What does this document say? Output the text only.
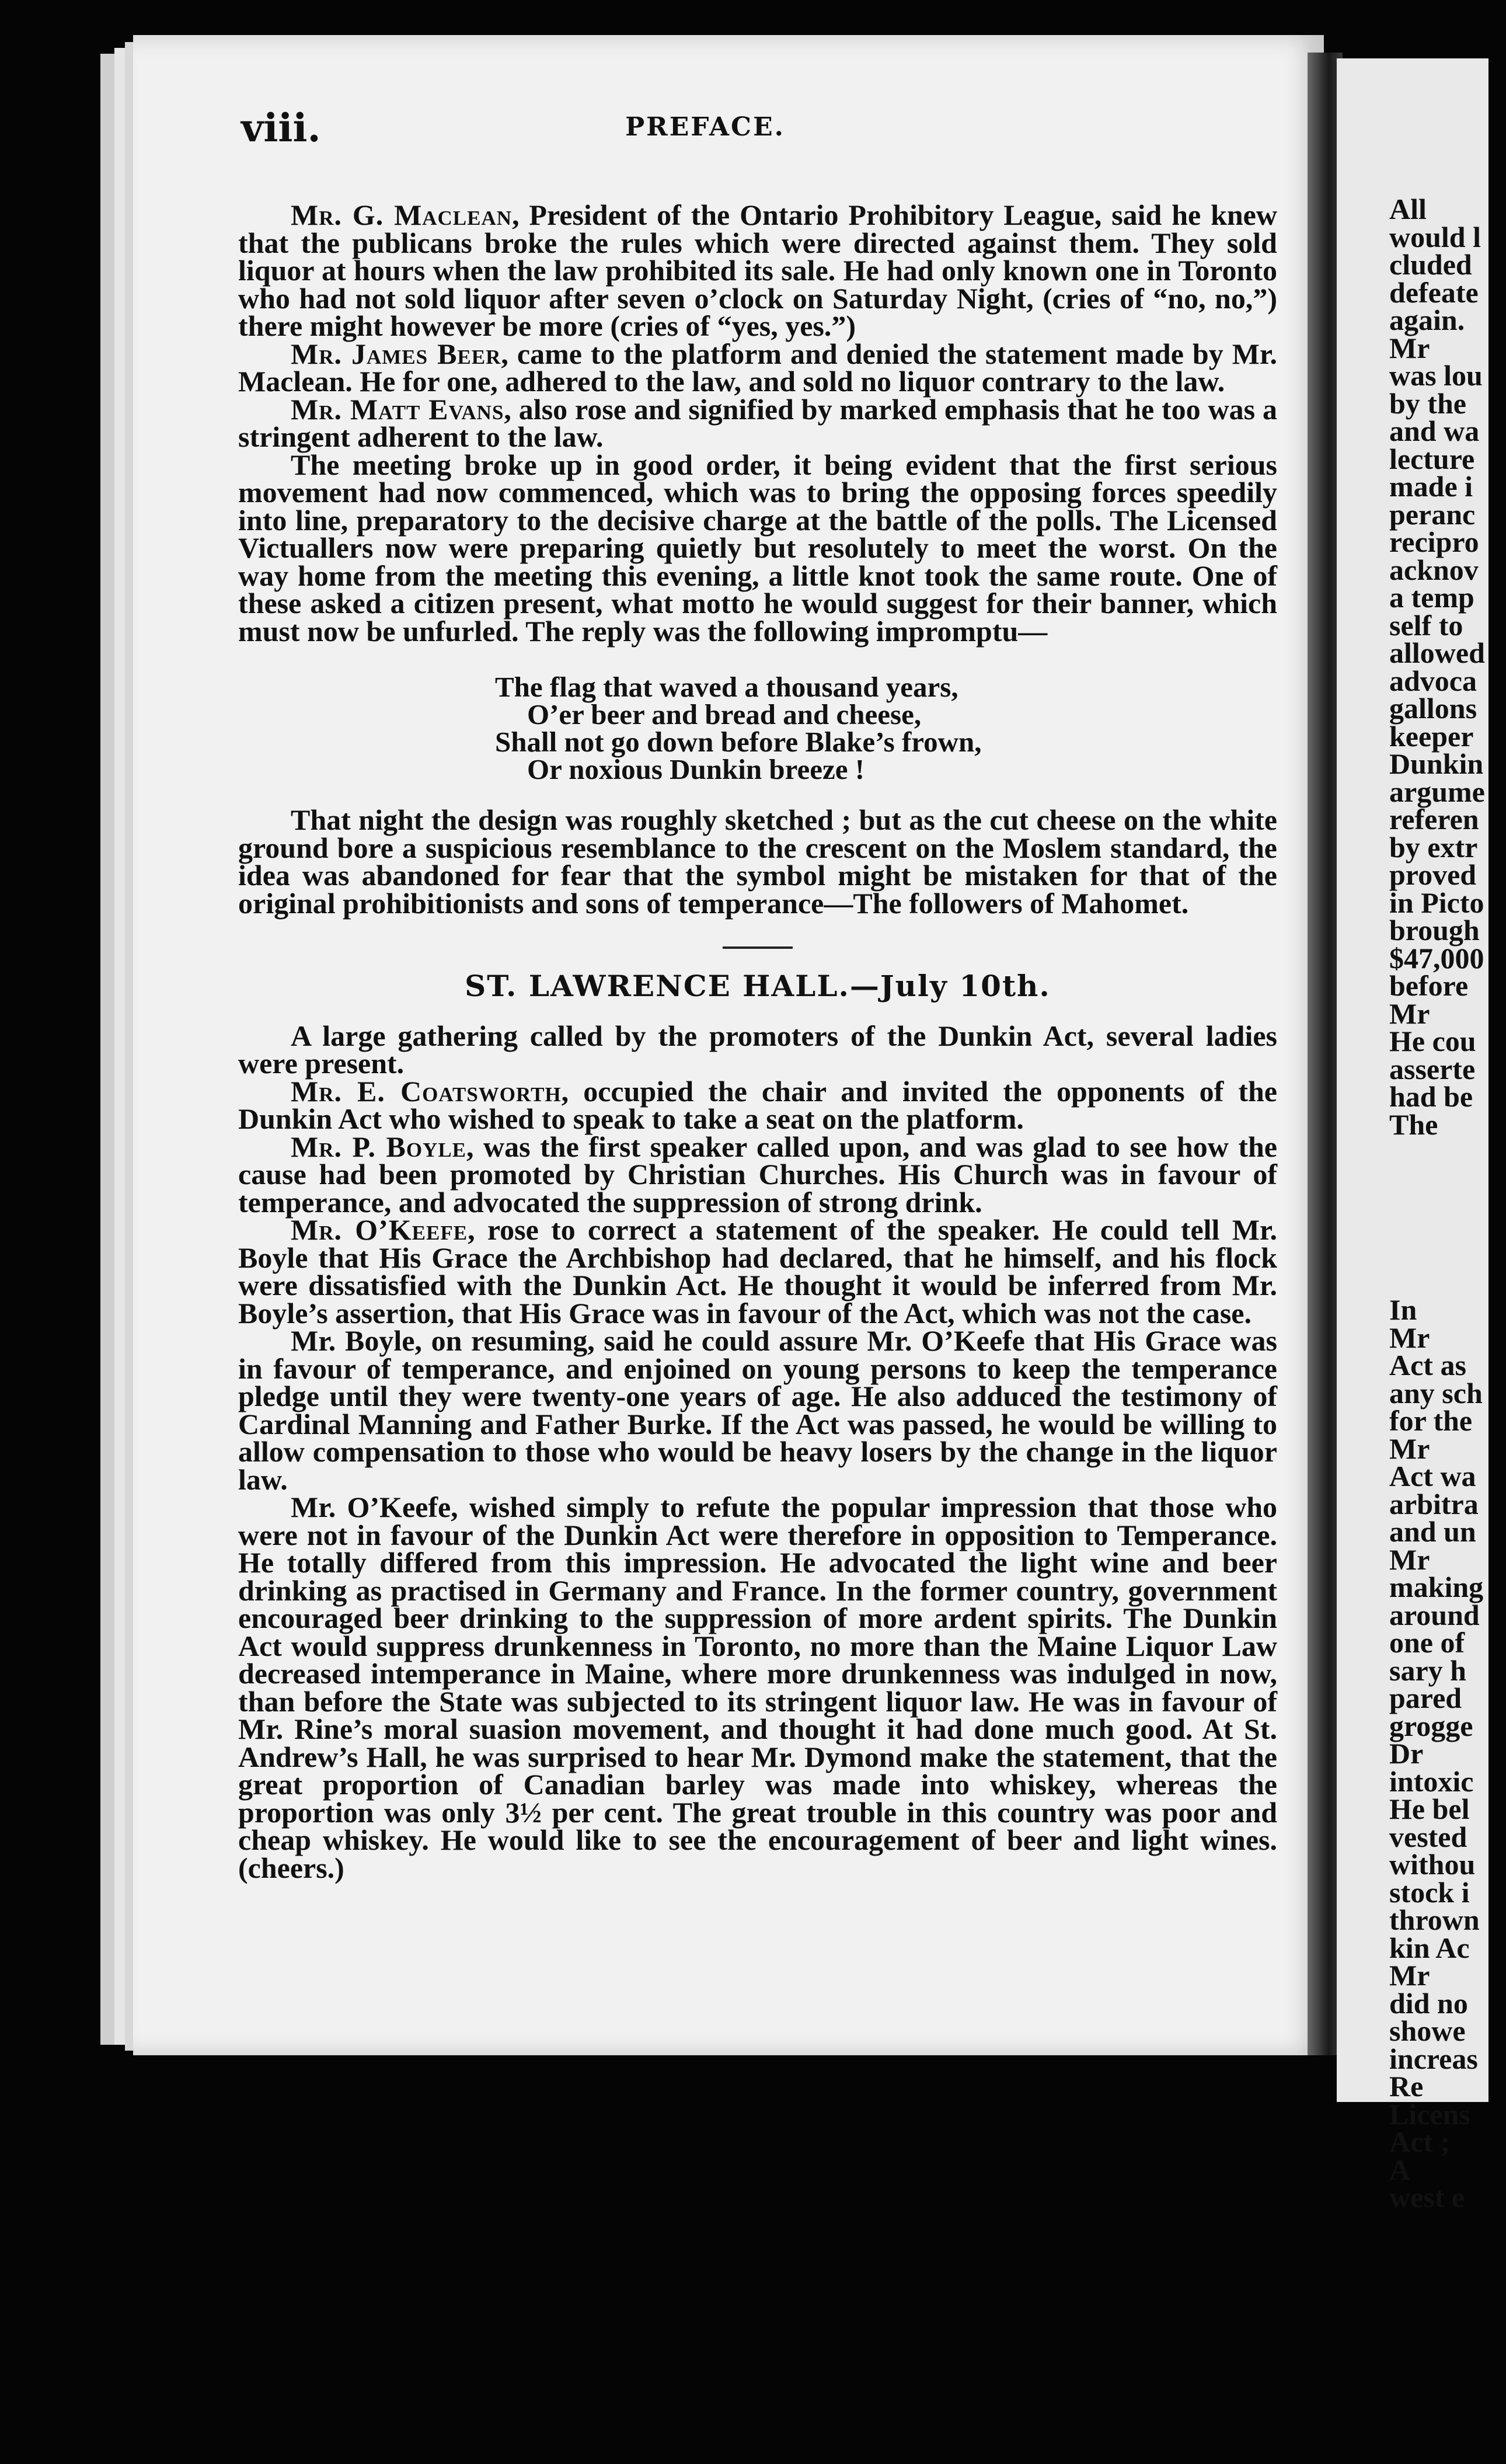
viii.	PREFACE.

Mr. G. Maclean, President of the Ontario Prohibitory League, said he knew that the publicans broke the rules which were directed against them. They sold liquor at hours when the law prohibited its sale. He had only known one in Toronto who had not sold liquor after seven o’clock on Saturday Night, (cries of “no, no,”) there might however be more (cries of “yes, yes.”)

Mr. James Beer, came to the platform and denied the statement made by Mr. Maclean. He for one, adhered to the law, and sold no liquor contrary to the law.

Mr. Matt Evans, also rose and signified by marked emphasis that he too was a stringent adherent to the law.

The meeting broke up in good order, it being evident that the first serious movement had now commenced, which was to bring the opposing forces speedily into line, preparatory to the decisive charge at the battle of the polls. The Licensed Victuallers now were preparing quietly but resolutely to meet the worst. On the way home from the meeting this evening, a little knot took the same route. One of these asked a citizen present, what motto he would suggest for their banner, which must now be unfurled. The reply was the following impromptu—

The flag that waved a thousand years,
O’er beer and bread and cheese,
Shall not go down before Blake’s frown,
Or noxious Dunkin breeze !

That night the design was roughly sketched ; but as the cut cheese on the white ground bore a suspicious resemblance to the crescent on the Moslem standard, the idea was abandoned for fear that the symbol might be mistaken for that of the original prohibitionists and sons of temperance—The followers of Mahomet.

ST. LAWRENCE HALL.—July 10th.

A large gathering called by the promoters of the Dunkin Act, several ladies were present.

Mr. E. Coatsworth, occupied the chair and invited the opponents of the Dunkin Act who wished to speak to take a seat on the platform.

Mr. P. Boyle, was the first speaker called upon, and was glad to see how the cause had been promoted by Christian Churches. His Church was in favour of temperance, and advocated the suppression of strong drink.

Mr. O’Keefe, rose to correct a statement of the speaker. He could tell Mr. Boyle that His Grace the Archbishop had declared, that he himself, and his flock were dissatisfied with the Dunkin Act. He thought it would be inferred from Mr. Boyle’s assertion, that His Grace was in favour of the Act, which was not the case.

Mr. Boyle, on resuming, said he could assure Mr. O’Keefe that His Grace was in favour of temperance, and enjoined on young persons to keep the temperance pledge until they were twenty-one years of age. He also adduced the testimony of Cardinal Manning and Father Burke. If the Act was passed, he would be willing to allow compensation to those who would be heavy losers by the change in the liquor law.

Mr. O’Keefe, wished simply to refute the popular impression that those who were not in favour of the Dunkin Act were therefore in opposition to Temperance. He totally differed from this impression. He advocated the light wine and beer drinking as practised in Germany and France. In the former country, government encouraged beer drinking to the suppression of more ardent spirits. The Dunkin Act would suppress drunkenness in Toronto, no more than the Maine Liquor Law decreased intemperance in Maine, where more drunkenness was indulged in now, than before the State was subjected to its stringent liquor law. He was in favour of Mr. Rine’s moral suasion movement, and thought it had done much good. At St. Andrew’s Hall, he was surprised to hear Mr. Dymond make the statement, that the great proportion of Canadian barley was made into whiskey, whereas the proportion was only 3½ per cent. The great trouble in this country was poor and cheap whiskey. He would like to see the encouragement of beer and light wines. (cheers.)

All
would l
cluded
defeate
again.
Mr
was lou
by the
and wa
lecture
made i
peranc
recipro
acknov
a temp
self to
allowed
advoca
gallons
keeper
Dunkin
argume
referen
by extr
proved
in Picto
brough
$47,000
before
Mr
He cou
asserte
had be
The
In
Mr
Act as
any sch
for the
Mr
Act wa
arbitra
and un
Mr
making
around
one of
sary h
pared
grogge
Dr
intoxic
He bel
vested
withou
stock i
thrown
kin Ac
Mr
did no
showe
increas
Re
Licens
Act ;
A
west e
